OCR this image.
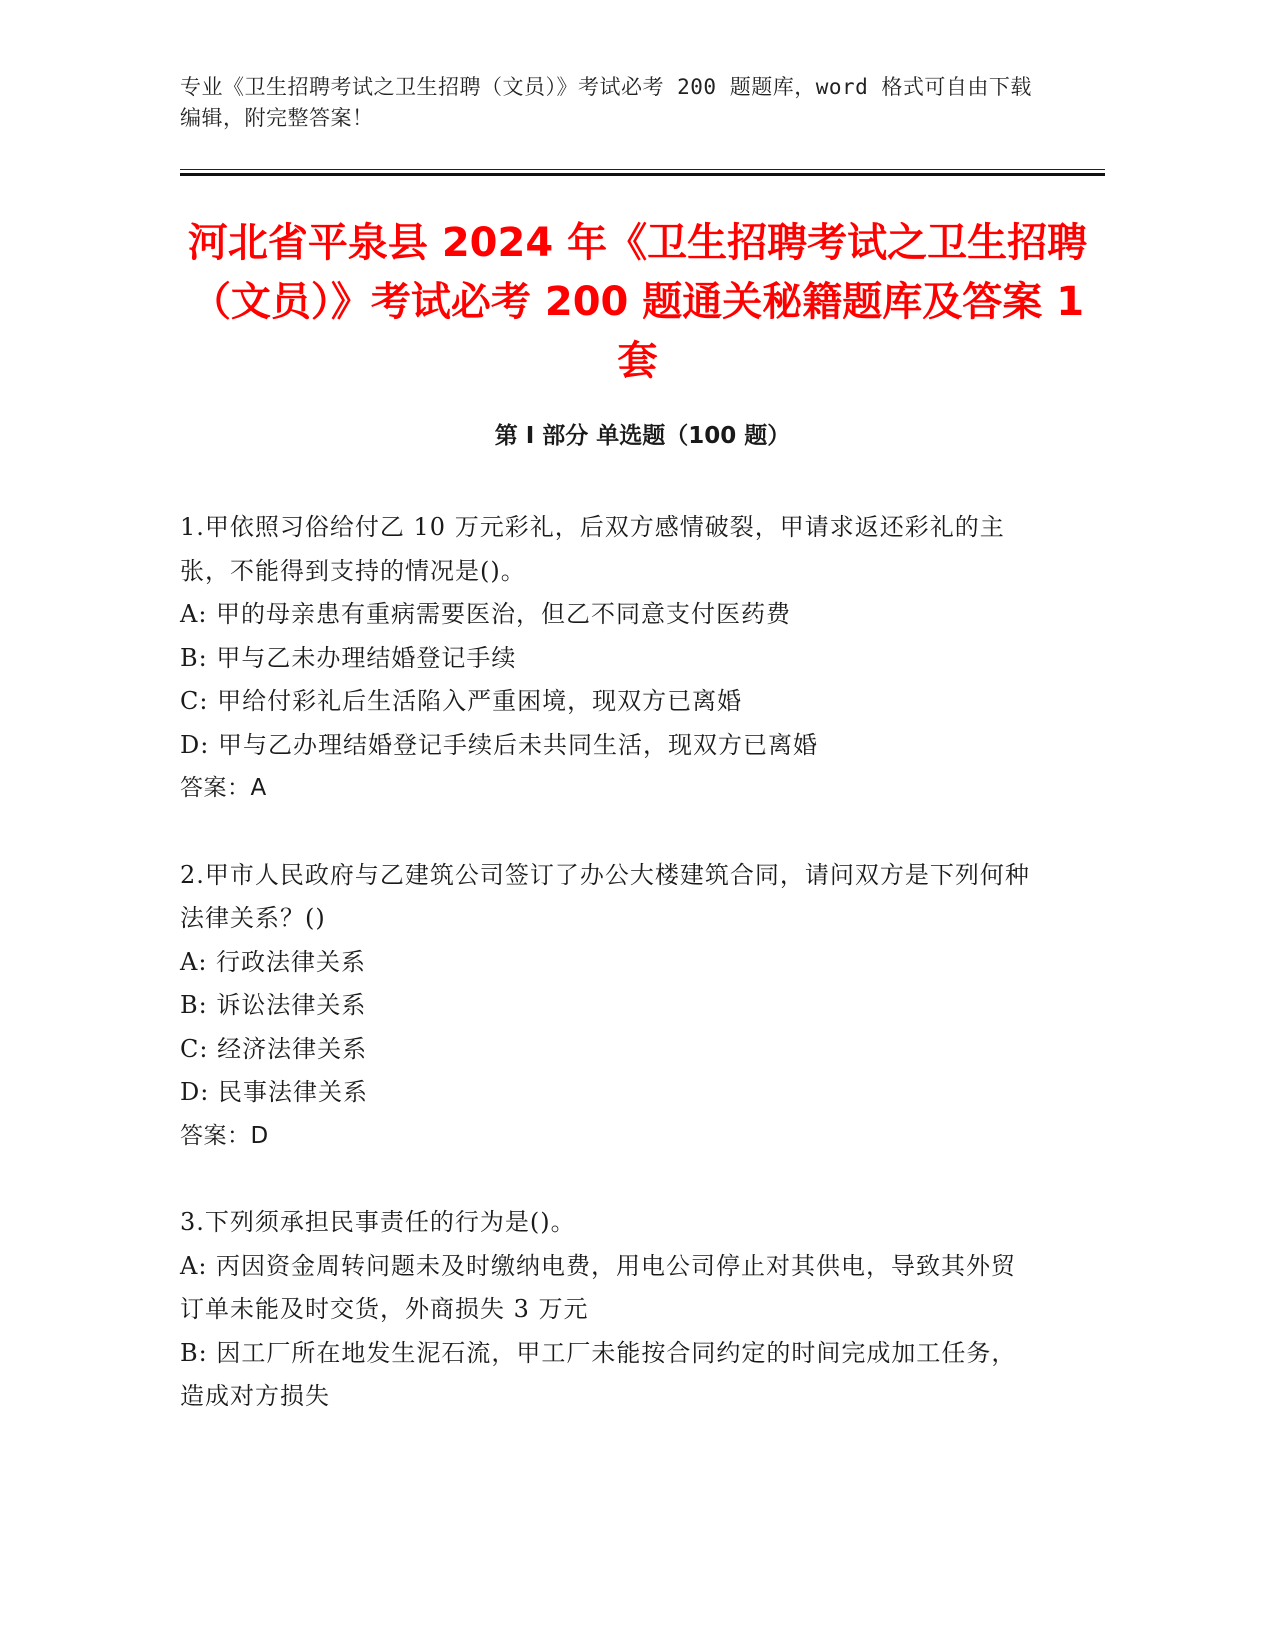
专业《卫生招聘考试之卫生招聘（文员）》考试必考 200 题题库，word 格式可自由下载编辑，附完整答案！
河北省平泉县 2024 年《卫生招聘考试之卫生招聘（文员）》考试必考 200 题通关秘籍题库及答案 1 套
第 I 部分 单选题（100 题）
1.甲依照习俗给付乙 10 万元彩礼，后双方感情破裂，甲请求返还彩礼的主张，不能得到支持的情况是()。
A: 甲的母亲患有重病需要医治，但乙不同意支付医药费
B: 甲与乙未办理结婚登记手续
C: 甲给付彩礼后生活陷入严重困境，现双方已离婚
D: 甲与乙办理结婚登记手续后未共同生活，现双方已离婚
答案：A
2.甲市人民政府与乙建筑公司签订了办公大楼建筑合同，请问双方是下列何种法律关系？()
A: 行政法律关系
B: 诉讼法律关系
C: 经济法律关系
D: 民事法律关系
答案：D
3.下列须承担民事责任的行为是()。
A: 丙因资金周转问题未及时缴纳电费，用电公司停止对其供电，导致其外贸订单未能及时交货，外商损失 3 万元
B: 因工厂所在地发生泥石流，甲工厂未能按合同约定的时间完成加工任务，造成对方损失
